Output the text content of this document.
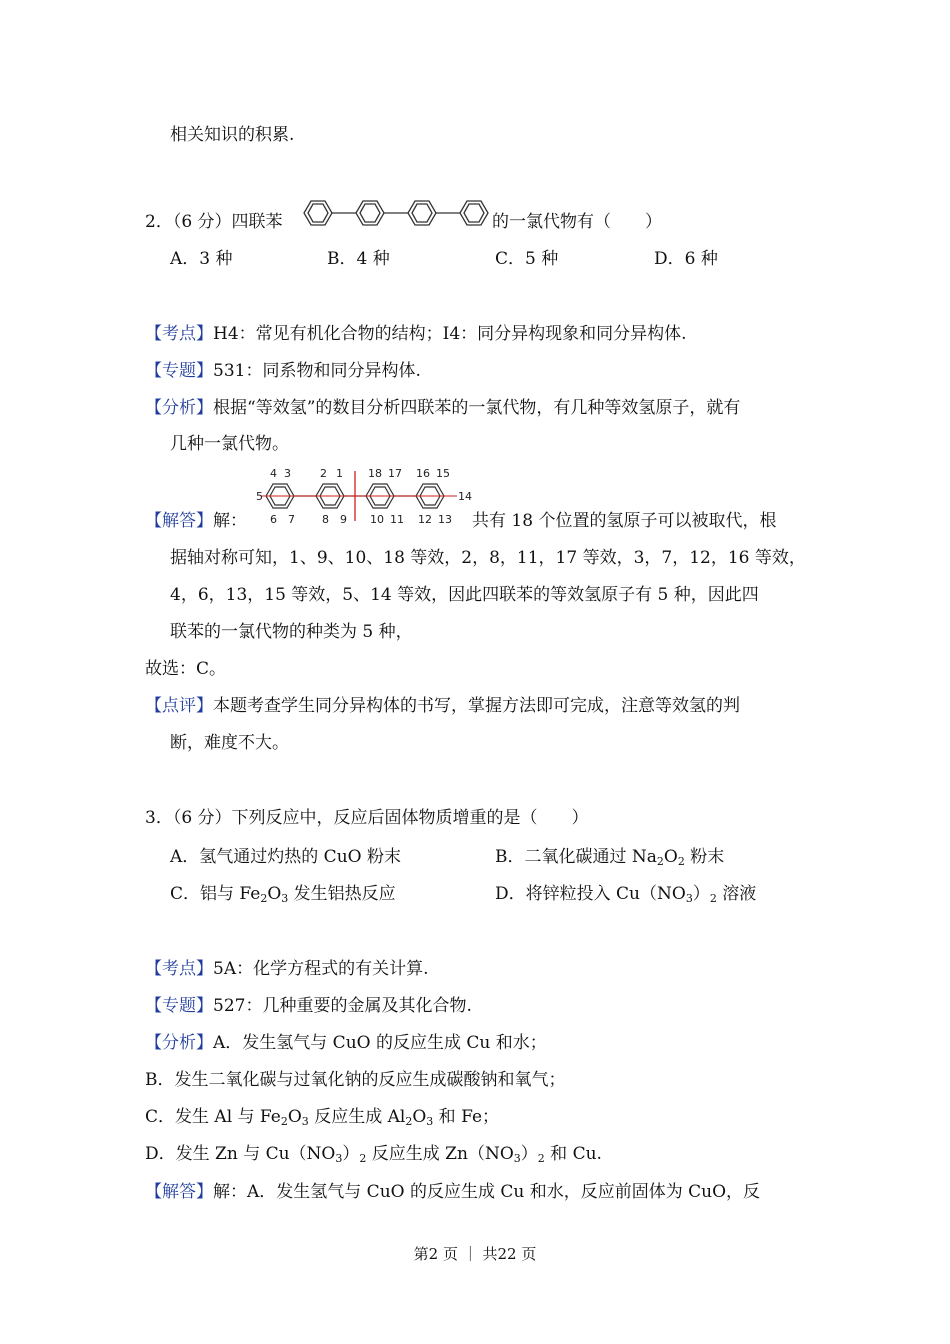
相关知识的积累.
2．（6 分）四联苯	的一氯代物有（　　）
A．3 种	B．4 种	C．5 种	D．6 种
【考点】H4：常见有机化合物的结构；I4：同分异构现象和同分异构体.
【专题】531：同系物和同分异构体.
【分析】根据“等效氢”的数目分析四联苯的一氯代物，有几种等效氢原子，就有
几种一氯代物。
4 3	2 1 18 17 16 15
5	14
6 7 8 9 10 11 12 13
【解答】解：	共有 18 个位置的氢原子可以被取代，根
据轴对称可知，1、9、10、18 等效，2，8，11，17 等效，3，7，12，16 等效，
4，6，13，15 等效，5、14 等效，因此四联苯的等效氢原子有 5 种，因此四
联苯的一氯代物的种类为 5 种，
故选：C。
【点评】本题考查学生同分异构体的书写，掌握方法即可完成，注意等效氢的判
断，难度不大。
3．（6 分）下列反应中，反应后固体物质增重的是（　　）
A．氢气通过灼热的 CuO 粉末	B．二氧化碳通过 $Na_2O_2$ 粉末
C．铝与 $Fe_2O_3$ 发生铝热反应	D．将锌粒投入 $Cu(NO_3)_2$ 溶液
【考点】5A：化学方程式的有关计算.
【专题】527：几种重要的金属及其化合物.
【分析】A．发生氢气与 CuO 的反应生成 Cu 和水；
B．发生二氧化碳与过氧化钠的反应生成碳酸钠和氧气；
C．发生 Al 与 $Fe_2O_3$ 反应生成 $Al_2O_3$ 和 Fe；
D．发生 Zn 与 $Cu(NO_3)_2$ 反应生成 $Zn(NO_3)_2$ 和 Cu.
【解答】解：A．发生氢气与 CuO 的反应生成 Cu 和水，反应前固体为 CuO，反
第2 页 ｜ 共22 页
